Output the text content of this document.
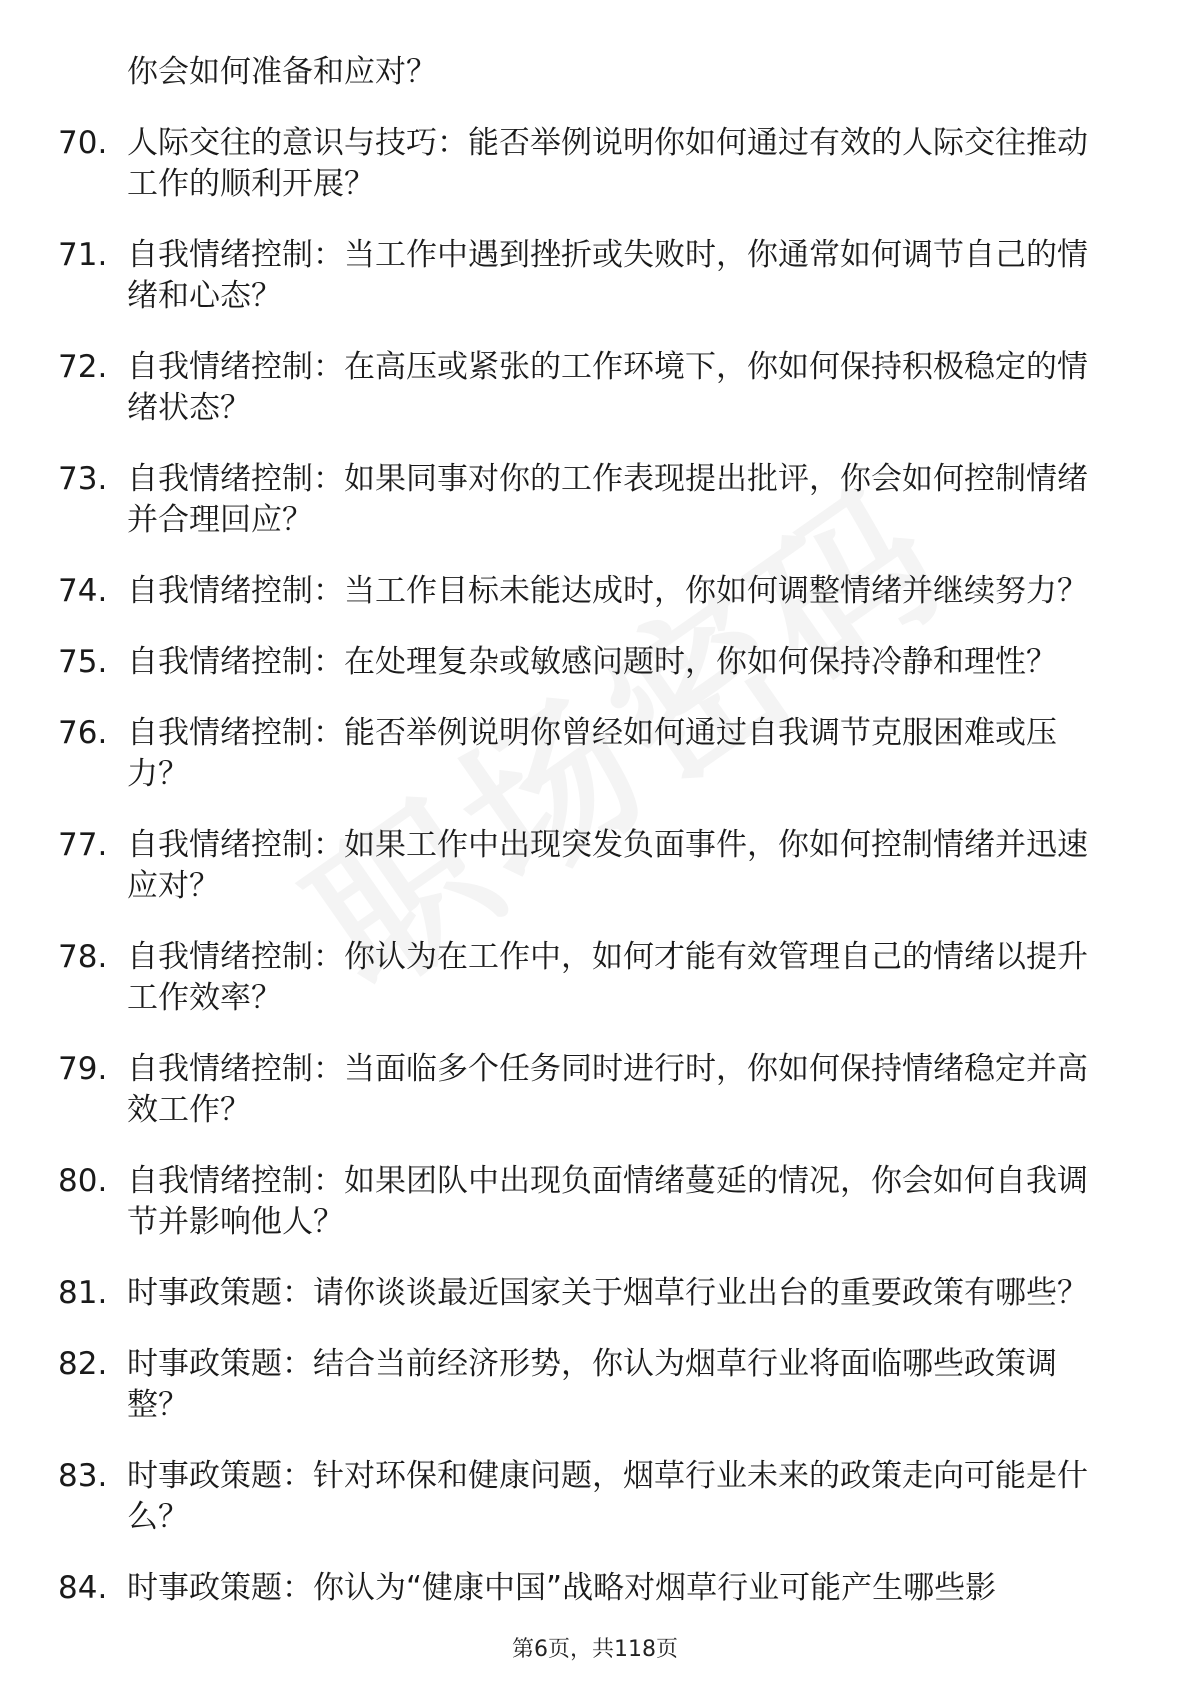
你会如何准备和应对？
70. 人际交往的意识与技巧：能否举例说明你如何通过有效的人际交往推动工作的顺利开展？
71. 自我情绪控制：当工作中遇到挫折或失败时，你通常如何调节自己的情绪和心态？
72. 自我情绪控制：在高压或紧张的工作环境下，你如何保持积极稳定的情绪状态？
73. 自我情绪控制：如果同事对你的工作表现提出批评，你会如何控制情绪并合理回应？
74. 自我情绪控制：当工作目标未能达成时，你如何调整情绪并继续努力？
75. 自我情绪控制：在处理复杂或敏感问题时，你如何保持冷静和理性？
76. 自我情绪控制：能否举例说明你曾经如何通过自我调节克服困难或压力？
77. 自我情绪控制：如果工作中出现突发负面事件，你如何控制情绪并迅速应对？
78. 自我情绪控制：你认为在工作中，如何才能有效管理自己的情绪以提升工作效率？
79. 自我情绪控制：当面临多个任务同时进行时，你如何保持情绪稳定并高效工作？
80. 自我情绪控制：如果团队中出现负面情绪蔓延的情况，你会如何自我调节并影响他人？
81. 时事政策题：请你谈谈最近国家关于烟草行业出台的重要政策有哪些？
82. 时事政策题：结合当前经济形势，你认为烟草行业将面临哪些政策调整？
83. 时事政策题：针对环保和健康问题，烟草行业未来的政策走向可能是什么？
84. 时事政策题：你认为“健康中国”战略对烟草行业可能产生哪些影
第6页，共118页
